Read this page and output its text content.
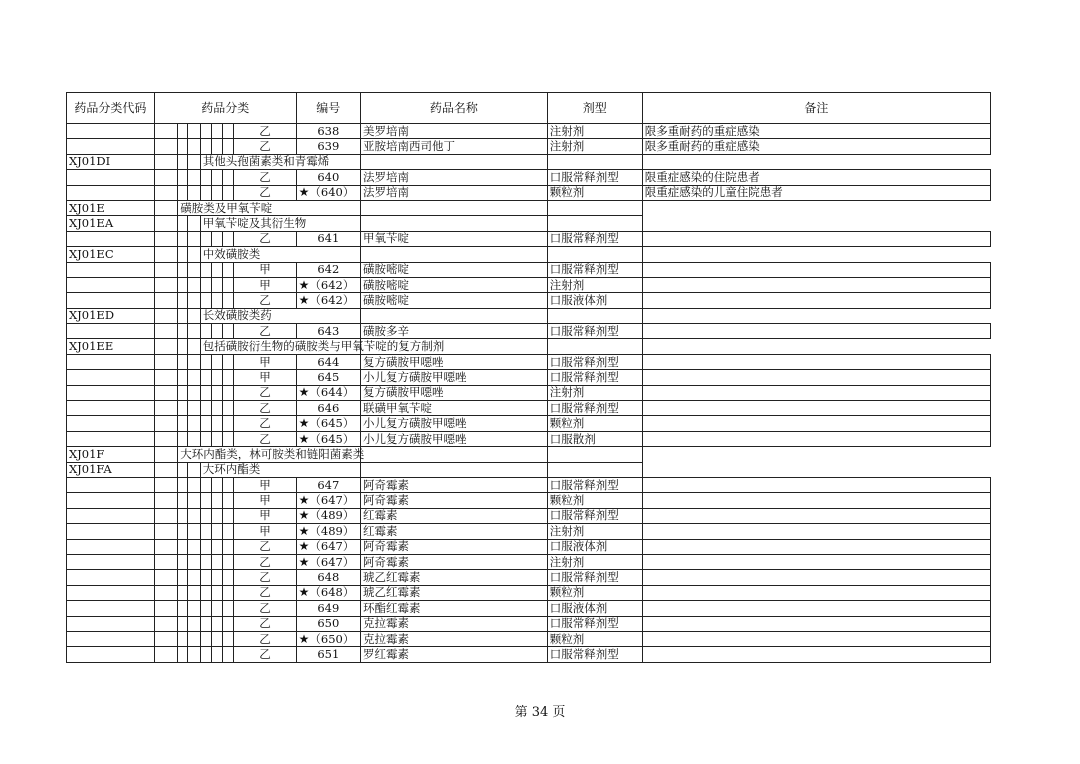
药品分类代码	药品分类							编号	药品名称	剂型	备注
							乙	638	美罗培南	注射剂	限多重耐药的重症感染
							乙	639	亚胺培南西司他丁	注射剂	限多重耐药的重症感染
XJ01DI				其他头孢菌素类和青霉烯							
							乙	640	法罗培南	口服常释剂型	限重症感染的住院患者
							乙	★（640）	法罗培南	颗粒剂	限重症感染的儿童住院患者
XJ01E		磺胺类及甲氧苄啶									
XJ01EA				甲氧苄啶及其衍生物							
							乙	641	甲氧苄啶	口服常释剂型	
XJ01EC				中效磺胺类							
							甲	642	磺胺嘧啶	口服常释剂型	
							甲	★（642）	磺胺嘧啶	注射剂	
							乙	★（642）	磺胺嘧啶	口服液体剂	
XJ01ED				长效磺胺类药							
							乙	643	磺胺多辛	口服常释剂型	
XJ01EE				包括磺胺衍生物的磺胺类与甲氧苄啶的复方制剂							
							甲	644	复方磺胺甲噁唑	口服常释剂型	
							甲	645	小儿复方磺胺甲噁唑	口服常释剂型	
							乙	★（644）	复方磺胺甲噁唑	注射剂	
							乙	646	联磺甲氧苄啶	口服常释剂型	
							乙	★（645）	小儿复方磺胺甲噁唑	颗粒剂	
							乙	★（645）	小儿复方磺胺甲噁唑	口服散剂	
XJ01F		大环内酯类，林可胺类和链阳菌素类									
XJ01FA				大环内酯类							
							甲	647	阿奇霉素	口服常释剂型	
							甲	★（647）	阿奇霉素	颗粒剂	
							甲	★（489）	红霉素	口服常释剂型	
							甲	★（489）	红霉素	注射剂	
							乙	★（647）	阿奇霉素	口服液体剂	
							乙	★（647）	阿奇霉素	注射剂	
							乙	648	琥乙红霉素	口服常释剂型	
							乙	★（648）	琥乙红霉素	颗粒剂	
							乙	649	环酯红霉素	口服液体剂	
							乙	650	克拉霉素	口服常释剂型	
							乙	★（650）	克拉霉素	颗粒剂	
							乙	651	罗红霉素	口服常释剂型	
第 34 页
